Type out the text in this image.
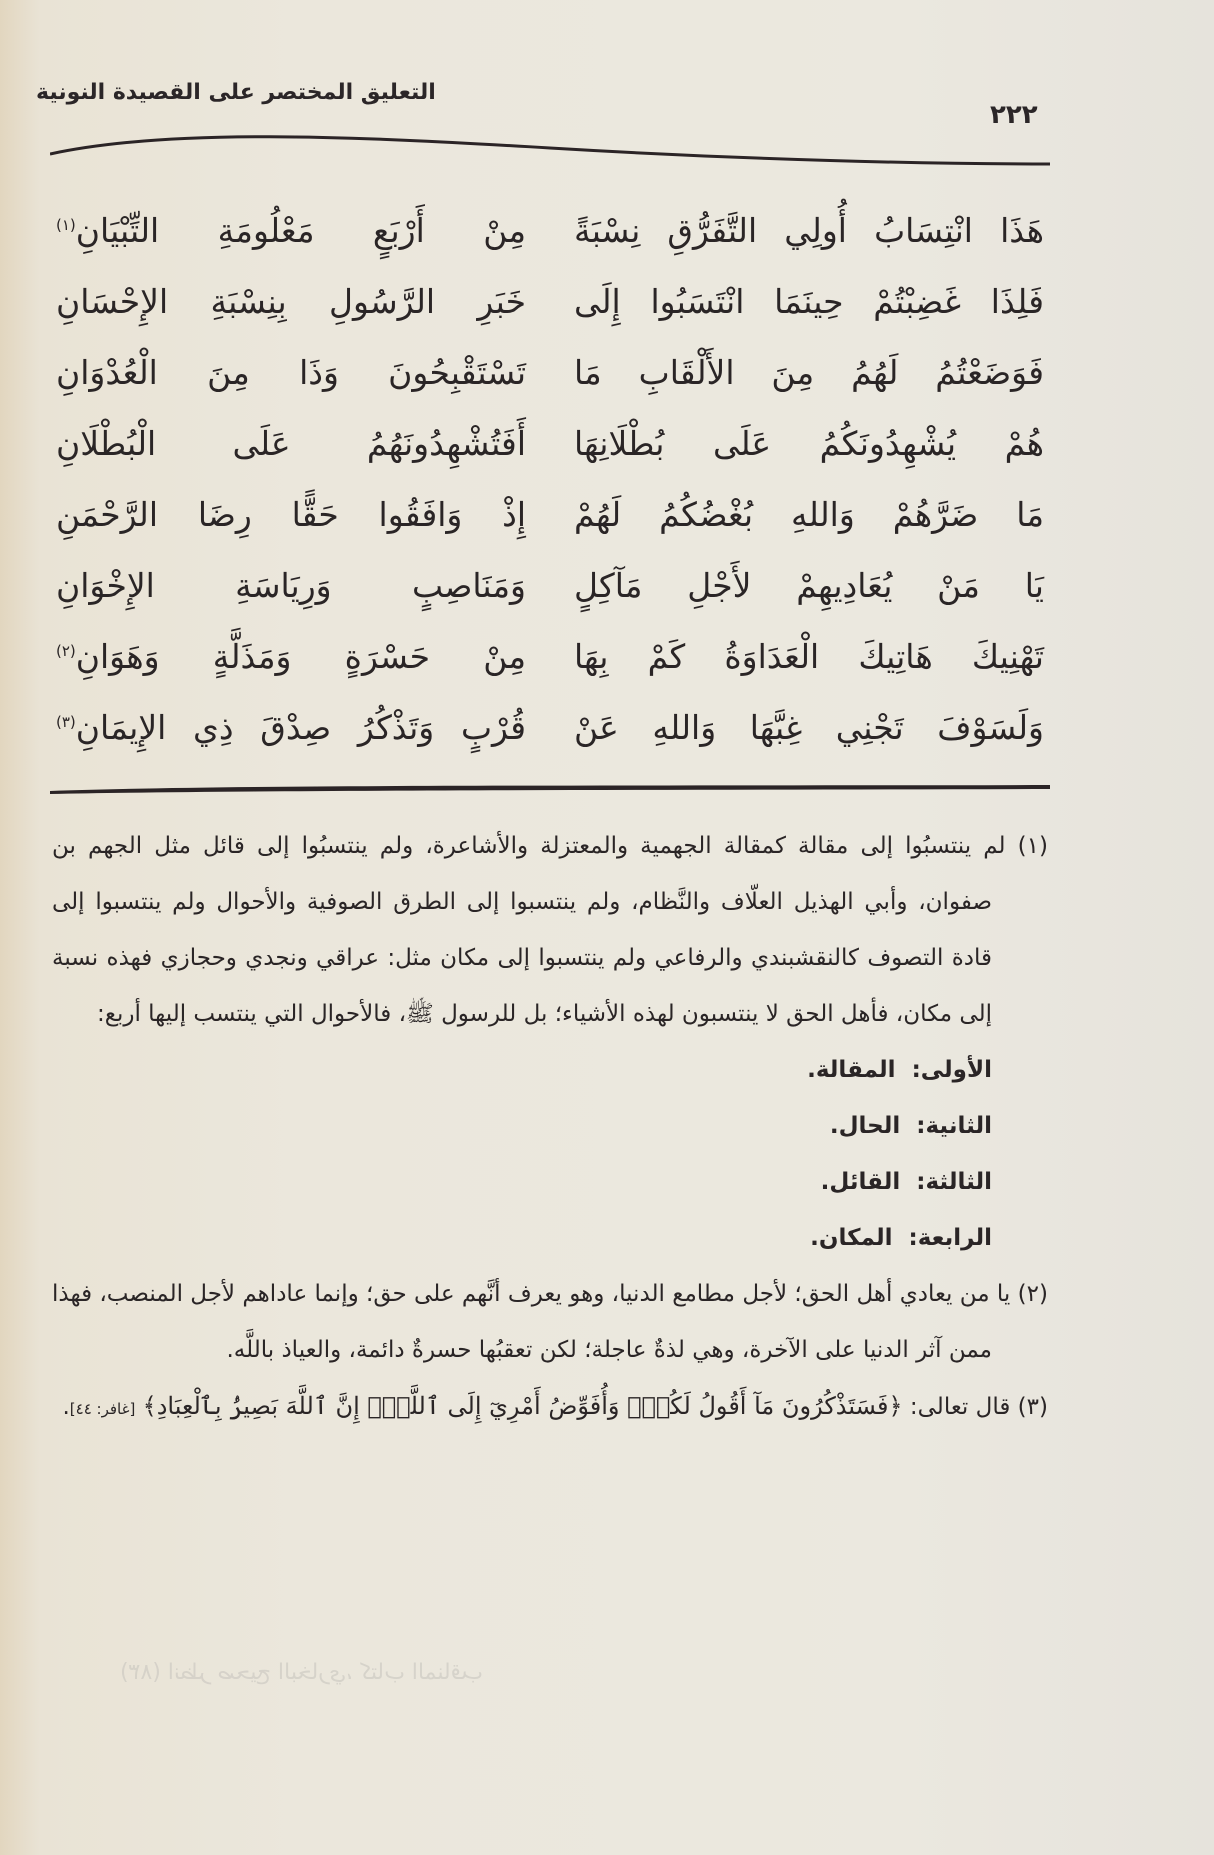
التعليق المختصر على القصيدة النونية
٢٢٢
هَذَا انْتِسَابُ أُولِي التَّفَرُّقِ نِسْبَةً
مِنْ أَرْبَعٍ مَعْلُومَةِ التِّبْيَانِ$^{(١)}$
فَلِذَا غَضِبْتُمْ حِينَمَا انْتَسَبُوا إِلَى
خَبَرِ الرَّسُولِ بِنِسْبَةِ الإِحْسَانِ
فَوَضَعْتُمُ لَهُمُ مِنَ الأَلْقَابِ مَا
تَسْتَقْبِحُونَ وَذَا مِنَ الْعُدْوَانِ
هُمْ يُشْهِدُونَكُمُ عَلَى بُطْلَانِهَا
أَفَتُشْهِدُونَهُمُ عَلَى الْبُطْلَانِ
مَا ضَرَّهُمْ وَاللهِ بُغْضُكُمُ لَهُمْ
إِذْ وَافَقُوا حَقًّا رِضَا الرَّحْمَنِ
يَا مَنْ يُعَادِيهِمْ لأَجْلِ مَآكِلٍ
وَمَنَاصِبٍ وَرِيَاسَةِ الإِخْوَانِ
تَهْنِيكَ هَاتِيكَ الْعَدَاوَةُ كَمْ بِهَا
مِنْ حَسْرَةٍ وَمَذَلَّةٍ وَهَوَانِ$^{(٢)}$
وَلَسَوْفَ تَجْنِي غِبَّهَا وَاللهِ عَنْ
قُرْبٍ وَتَذْكُرُ صِدْقَ ذِي الإِيمَانِ$^{(٣)}$
(١) لم ينتسبُوا إلى مقالة كمقالة الجهمية والمعتزلة والأشاعرة، ولم ينتسبُوا إلى قائل مثل الجهم بن صفوان، وأبي الهذيل العلّاف والنَّظام، ولم ينتسبوا إلى الطرق الصوفية والأحوال ولم ينتسبوا إلى قادة التصوف كالنقشبندي والرفاعي ولم ينتسبوا إلى مكان مثل: عراقي ونجدي وحجازي فهذه نسبة إلى مكان، فأهل الحق لا ينتسبون لهذه الأشياء؛ بل للرسول ﷺ، فالأحوال التي ينتسب إليها أربع:
الأولى: المقالة.
الثانية: الحال.
الثالثة: القائل.
الرابعة: المكان.
(٢) يا من يعادي أهل الحق؛ لأجل مطامع الدنيا، وهو يعرف أنَّهم على حق؛ وإنما عاداهم لأجل المنصب، فهذا ممن آثر الدنيا على الآخرة، وهي لذةٌ عاجلة؛ لكن تعقبُها حسرةٌ دائمة، والعياذ باللَّه.
(٣) قال تعالى: ﴿فَسَتَذْكُرُونَ مَآ أَقُولُ لَكُمْۚ وَأُفَوِّضُ أَمْرِيٓ إِلَى ٱللَّهِۚ إِنَّ ٱللَّهَ بَصِيرُۢ بِٱلْعِبَادِ﴾ [غافر: ٤٤].
(٨٣) انظر صحيح البخاري، كتاب المناقب
